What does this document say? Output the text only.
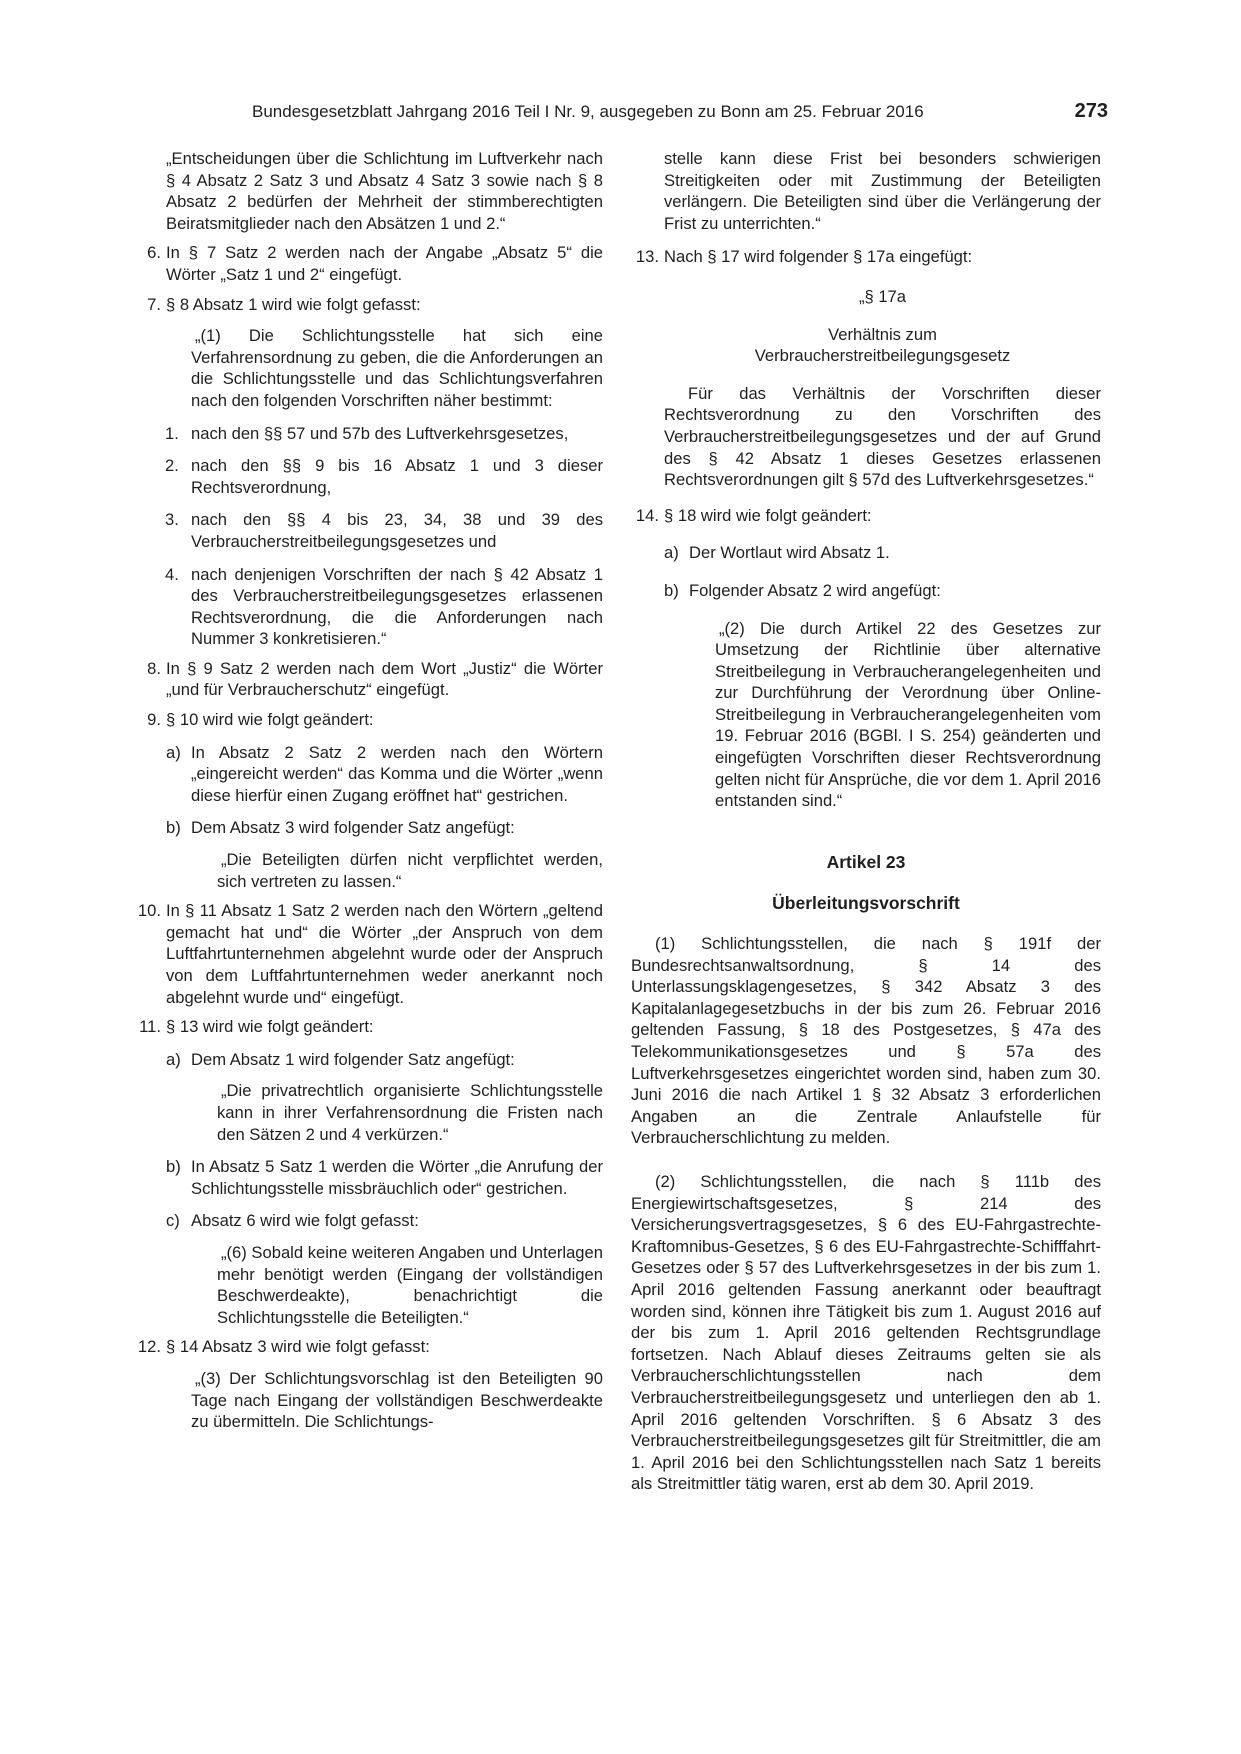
Bundesgesetzblatt Jahrgang 2016 Teil I Nr. 9, ausgegeben zu Bonn am 25. Februar 2016	273

„Entscheidungen über die Schlichtung im Luftverkehr nach § 4 Absatz 2 Satz 3 und Absatz 4 Satz 3 sowie nach § 8 Absatz 2 bedürfen der Mehrheit der stimmberechtigten Beiratsmitglieder nach den Absätzen 1 und 2.“

6. In § 7 Satz 2 werden nach der Angabe „Absatz 5“ die Wörter „Satz 1 und 2“ eingefügt.
7. § 8 Absatz 1 wird wie folgt gefasst:

„(1) Die Schlichtungsstelle hat sich eine Verfahrensordnung zu geben, die die Anforderungen an die Schlichtungsstelle und das Schlichtungsverfahren nach den folgenden Vorschriften näher bestimmt:

1. nach den §§ 57 und 57b des Luftverkehrsgesetzes,
2. nach den §§ 9 bis 16 Absatz 1 und 3 dieser Rechtsverordnung,
3. nach den §§ 4 bis 23, 34, 38 und 39 des Verbraucherstreitbeilegungsgesetzes und
4. nach denjenigen Vorschriften der nach § 42 Absatz 1 des Verbraucherstreitbeilegungsgesetzes erlassenen Rechtsverordnung, die die Anforderungen nach Nummer 3 konkretisieren.“
8. In § 9 Satz 2 werden nach dem Wort „Justiz“ die Wörter „und für Verbraucherschutz“ eingefügt.
9. § 10 wird wie folgt geändert:
a) In Absatz 2 Satz 2 werden nach den Wörtern „eingereicht werden“ das Komma und die Wörter „wenn diese hierfür einen Zugang eröffnet hat“ gestrichen.
b) Dem Absatz 3 wird folgender Satz angefügt:

„Die Beteiligten dürfen nicht verpflichtet werden, sich vertreten zu lassen.“

10. In § 11 Absatz 1 Satz 2 werden nach den Wörtern „geltend gemacht hat und“ die Wörter „der Anspruch von dem Luftfahrtunternehmen abgelehnt wurde oder der Anspruch von dem Luftfahrtunternehmen weder anerkannt noch abgelehnt wurde und“ eingefügt.
11. § 13 wird wie folgt geändert:
a) Dem Absatz 1 wird folgender Satz angefügt:

„Die privatrechtlich organisierte Schlichtungsstelle kann in ihrer Verfahrensordnung die Fristen nach den Sätzen 2 und 4 verkürzen.“

b) In Absatz 5 Satz 1 werden die Wörter „die Anrufung der Schlichtungsstelle missbräuchlich oder“ gestrichen.
c) Absatz 6 wird wie folgt gefasst:

„(6) Sobald keine weiteren Angaben und Unterlagen mehr benötigt werden (Eingang der vollständigen Beschwerdeakte), benachrichtigt die Schlichtungsstelle die Beteiligten.“

12. § 14 Absatz 3 wird wie folgt gefasst:

„(3) Der Schlichtungsvorschlag ist den Beteiligten 90 Tage nach Eingang der vollständigen Beschwerdeakte zu übermitteln. Die Schlichtungs-

stelle kann diese Frist bei besonders schwierigen Streitigkeiten oder mit Zustimmung der Beteiligten verlängern. Die Beteiligten sind über die Verlängerung der Frist zu unterrichten.“

13. Nach § 17 wird folgender § 17a eingefügt:

„§ 17a

Verhältnis zum

Verbraucherstreitbeilegungsgesetz

Für das Verhältnis der Vorschriften dieser Rechtsverordnung zu den Vorschriften des Verbraucherstreitbeilegungsgesetzes und der auf Grund des § 42 Absatz 1 dieses Gesetzes erlassenen Rechtsverordnungen gilt § 57d des Luftverkehrsgesetzes.“

14. § 18 wird wie folgt geändert:
a) Der Wortlaut wird Absatz 1.
b) Folgender Absatz 2 wird angefügt:

„(2) Die durch Artikel 22 des Gesetzes zur Umsetzung der Richtlinie über alternative Streitbeilegung in Verbraucherangelegenheiten und zur Durchführung der Verordnung über Online-Streitbeilegung in Verbraucherangelegenheiten vom 19. Februar 2016 (BGBl. I S. 254) geänderten und eingefügten Vorschriften dieser Rechtsverordnung gelten nicht für Ansprüche, die vor dem 1. April 2016 entstanden sind.“

Artikel 23

Überleitungsvorschrift

(1) Schlichtungsstellen, die nach § 191f der Bundesrechtsanwaltsordnung, § 14 des Unterlassungsklagengesetzes, § 342 Absatz 3 des Kapitalanlagegesetzbuchs in der bis zum 26. Februar 2016 geltenden Fassung, § 18 des Postgesetzes, § 47a des Telekommunikationsgesetzes und § 57a des Luftverkehrsgesetzes eingerichtet worden sind, haben zum 30. Juni 2016 die nach Artikel 1 § 32 Absatz 3 erforderlichen Angaben an die Zentrale Anlaufstelle für Verbraucherschlichtung zu melden.

(2) Schlichtungsstellen, die nach § 111b des Energiewirtschaftsgesetzes, § 214 des Versicherungsvertragsgesetzes, § 6 des EU-Fahrgastrechte-Kraftomnibus-Gesetzes, § 6 des EU-Fahrgastrechte-Schifffahrt-Gesetzes oder § 57 des Luftverkehrsgesetzes in der bis zum 1. April 2016 geltenden Fassung anerkannt oder beauftragt worden sind, können ihre Tätigkeit bis zum 1. August 2016 auf der bis zum 1. April 2016 geltenden Rechtsgrundlage fortsetzen. Nach Ablauf dieses Zeitraums gelten sie als Verbraucherschlichtungsstellen nach dem Verbraucherstreitbeilegungsgesetz und unterliegen den ab 1. April 2016 geltenden Vorschriften. § 6 Absatz 3 des Verbraucherstreitbeilegungsgesetzes gilt für Streitmittler, die am 1. April 2016 bei den Schlichtungsstellen nach Satz 1 bereits als Streitmittler tätig waren, erst ab dem 30. April 2019.
